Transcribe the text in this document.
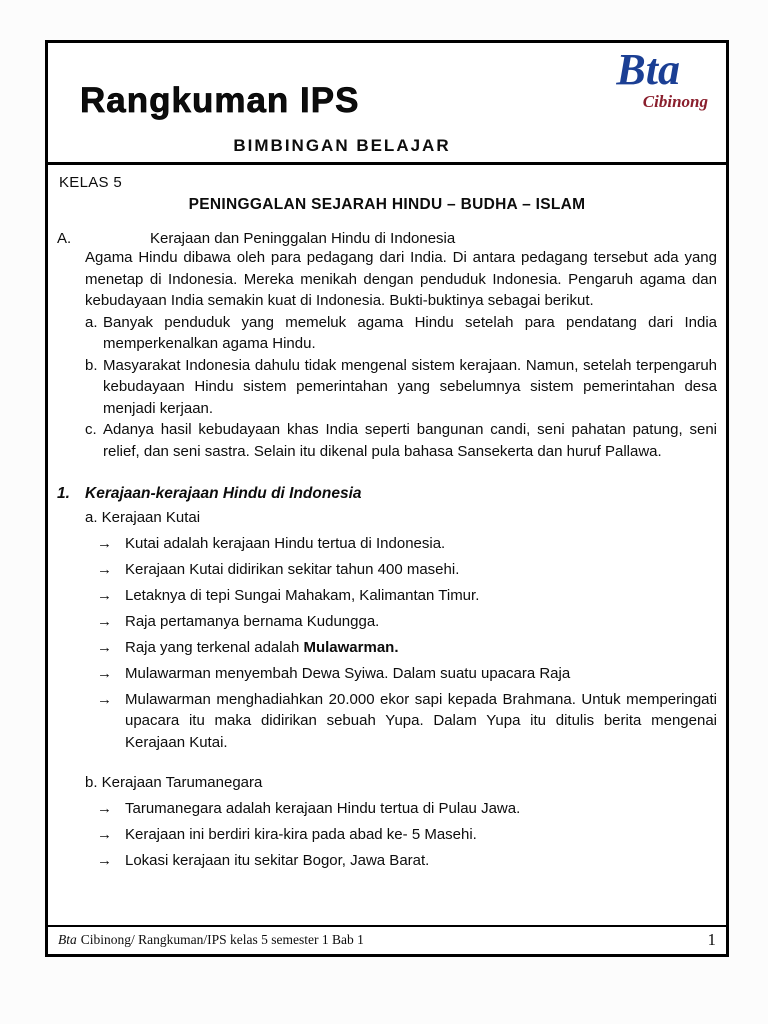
Rangkuman IPS
Bta
Cibinong
BIMBINGAN BELAJAR
KELAS 5
PENINGGALAN SEJARAH HINDU – BUDHA – ISLAM
A.	Kerajaan dan Peninggalan Hindu di Indonesia

Agama Hindu dibawa oleh para pedagang dari India. Di antara pedagang tersebut ada yang menetap di Indonesia. Mereka menikah dengan penduduk Indonesia. Pengaruh agama dan kebudayaan India semakin kuat di Indonesia. Bukti-buktinya sebagai berikut.

a. Banyak penduduk yang memeluk agama Hindu setelah para pendatang dari India memperkenalkan agama Hindu.
b. Masyarakat Indonesia dahulu tidak mengenal sistem kerajaan. Namun, setelah terpengaruh kebudayaan Hindu sistem pemerintahan yang sebelumnya sistem pemerintahan desa menjadi kerjaan.
c. Adanya hasil kebudayaan khas India seperti bangunan candi, seni pahatan patung, seni relief, dan seni sastra. Selain itu dikenal pula bahasa Sansekerta dan huruf Pallawa.
1. Kerajaan-kerajaan Hindu di Indonesia
a. Kerajaan Kutai
→ Kutai adalah kerajaan Hindu tertua di Indonesia.
→ Kerajaan Kutai didirikan sekitar tahun 400 masehi.
→ Letaknya di tepi Sungai Mahakam, Kalimantan Timur.
→ Raja pertamanya bernama Kudungga.
→ Raja yang terkenal adalah Mulawarman.
→ Mulawarman menyembah Dewa Syiwa. Dalam suatu upacara Raja
→ Mulawarman menghadiahkan 20.000 ekor sapi kepada Brahmana. Untuk memperingati upacara itu maka didirikan sebuah Yupa. Dalam Yupa itu ditulis berita mengenai Kerajaan Kutai.
b. Kerajaan Tarumanegara
→ Tarumanegara adalah kerajaan Hindu tertua di Pulau Jawa.
→ Kerajaan ini berdiri kira-kira pada abad ke- 5 Masehi.
→ Lokasi kerajaan itu sekitar Bogor, Jawa Barat.
Bta Cibinong/ Rangkuman/IPS kelas 5 semester 1 Bab 1	1
